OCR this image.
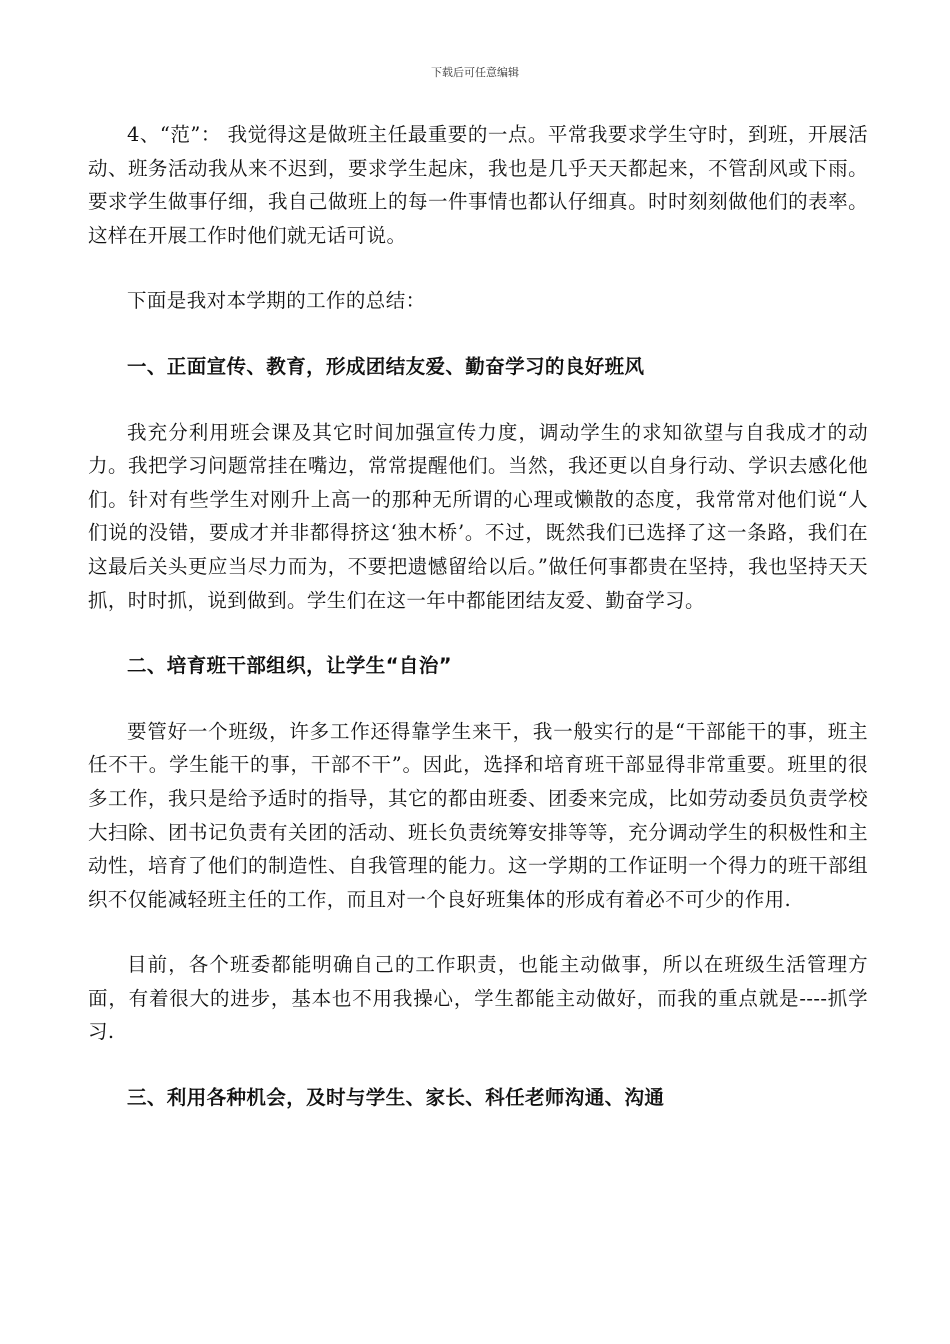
下载后可任意编辑

4、“范”： 我觉得这是做班主任最重要的一点。平常我要求学生守时，到班，开展活动、班务活动我从来不迟到，要求学生起床，我也是几乎天天都起来，不管刮风或下雨。要求学生做事仔细，我自己做班上的每一件事情也都认仔细真。时时刻刻做他们的表率。这样在开展工作时他们就无话可说。

下面是我对本学期的工作的总结：

一、正面宣传、教育，形成团结友爱、勤奋学习的良好班风

我充分利用班会课及其它时间加强宣传力度，调动学生的求知欲望与自我成才的动力。我把学习问题常挂在嘴边，常常提醒他们。当然，我还更以自身行动、学识去感化他们。针对有些学生对刚升上高一的那种无所谓的心理或懒散的态度，我常常对他们说“人们说的没错，要成才并非都得挤这‘独木桥’。不过，既然我们已选择了这一条路，我们在这最后关头更应当尽力而为，不要把遗憾留给以后。”做任何事都贵在坚持，我也坚持天天抓，时时抓，说到做到。学生们在这一年中都能团结友爱、勤奋学习。

二、培育班干部组织，让学生“自治”

要管好一个班级，许多工作还得靠学生来干，我一般实行的是“干部能干的事，班主任不干。学生能干的事，干部不干”。因此，选择和培育班干部显得非常重要。班里的很多工作，我只是给予适时的指导，其它的都由班委、团委来完成，比如劳动委员负责学校大扫除、团书记负责有关团的活动、班长负责统筹安排等等，充分调动学生的积极性和主动性，培育了他们的制造性、自我管理的能力。这一学期的工作证明一个得力的班干部组织不仅能减轻班主任的工作，而且对一个良好班集体的形成有着必不可少的作用.

目前，各个班委都能明确自己的工作职责，也能主动做事，所以在班级生活管理方面，有着很大的进步，基本也不用我操心，学生都能主动做好，而我的重点就是----抓学习.

三、利用各种机会，及时与学生、家长、科任老师沟通、沟通
